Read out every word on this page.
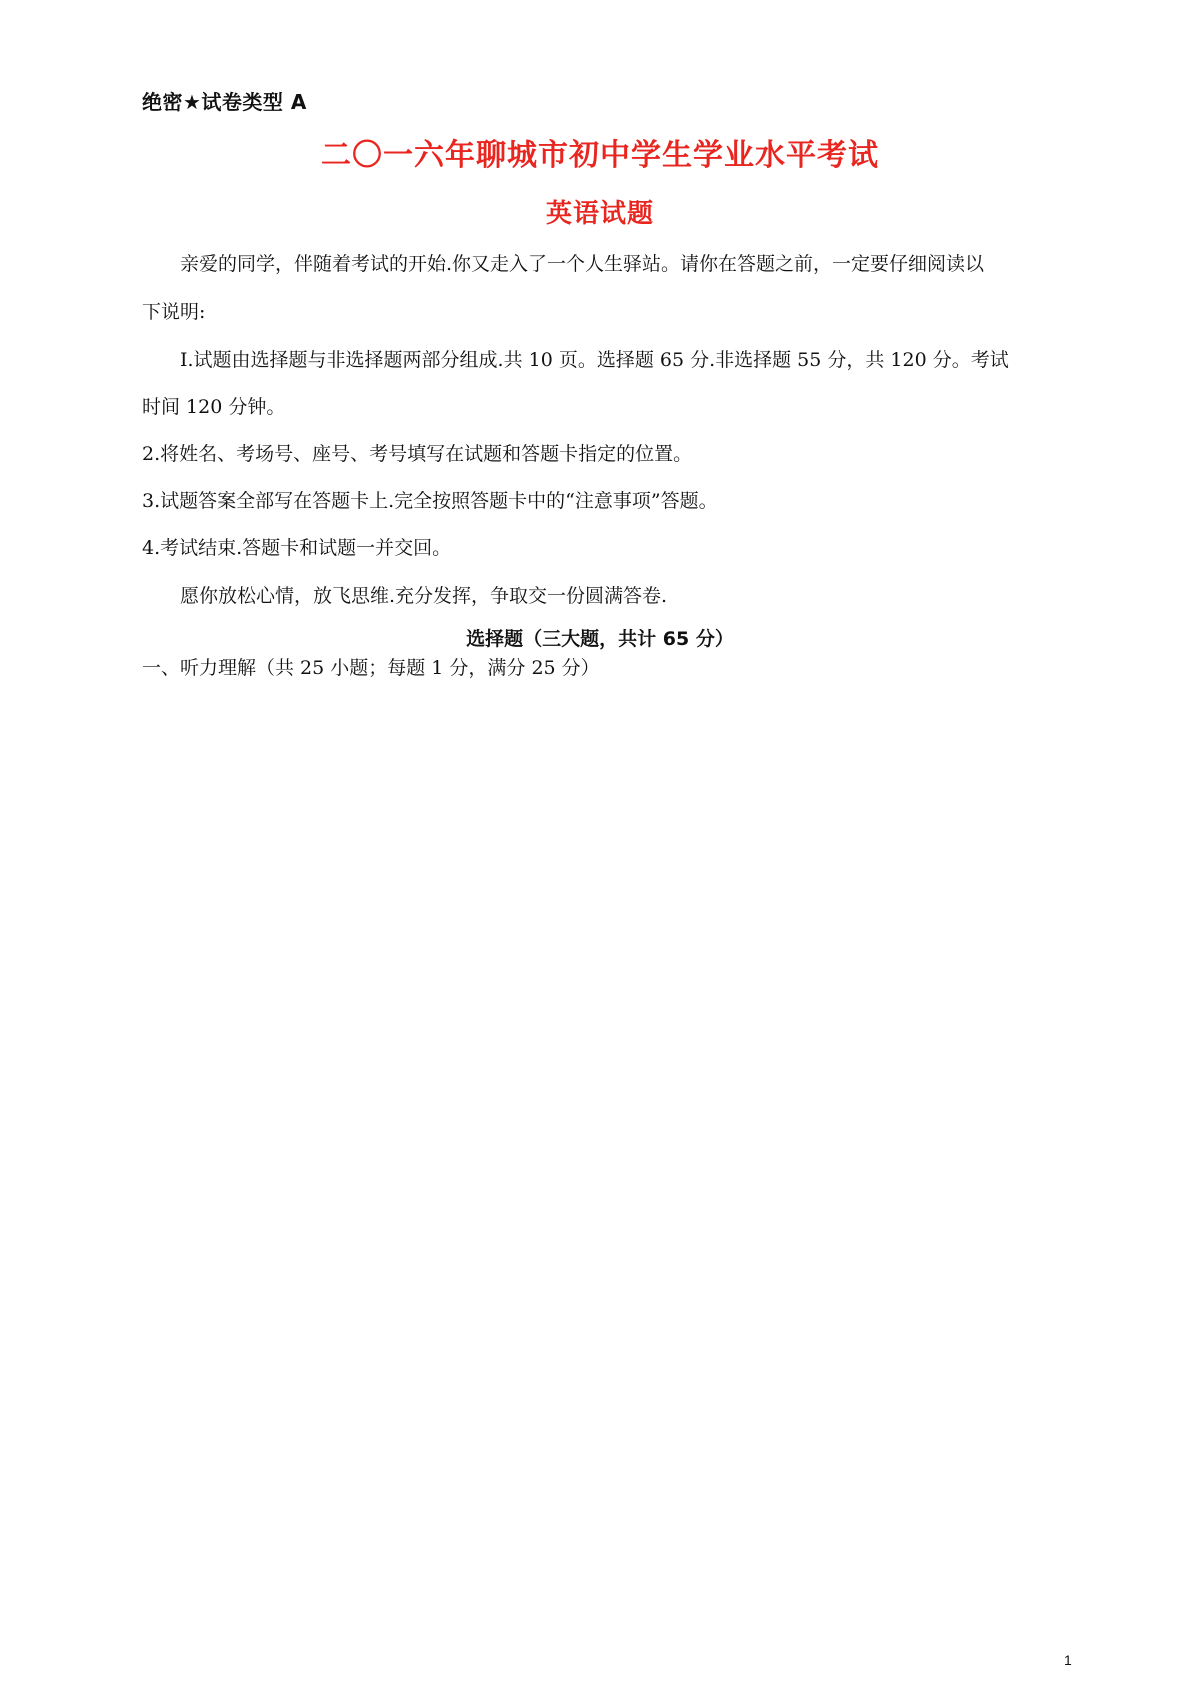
绝密★试卷类型 A
二〇一六年聊城市初中学生学业水平考试
英语试题
亲爱的同学，伴随着考试的开始.你又走入了一个人生驿站。请你在答题之前，一定要仔细阅读以
下说明:
I.试题由选择题与非选择题两部分组成.共 10 页。选择题 65 分.非选择题 55 分，共 120 分。考试
时间 120 分钟。
2.将姓名、考场号、座号、考号填写在试题和答题卡指定的位置。
3.试题答案全部写在答题卡上.完全按照答题卡中的“注意事项”答题。
4.考试结束.答题卡和试题一并交回。
愿你放松心情，放飞思维.充分发挥，争取交一份圆满答卷.
选择题（三大题，共计 65 分）
一、听力理解（共 25 小题；每题 1 分，满分 25 分）
1
